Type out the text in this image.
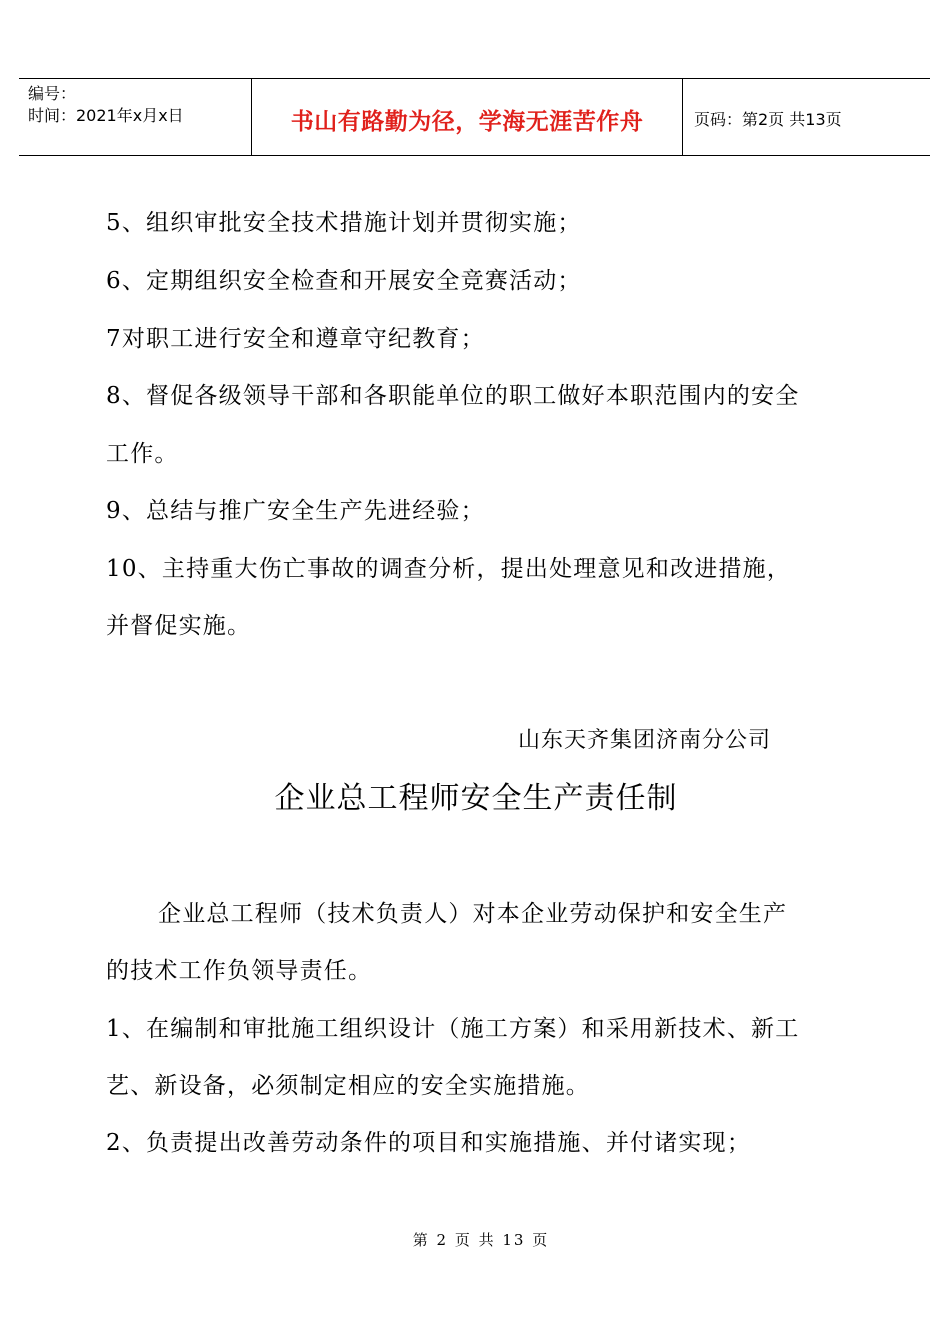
编号：
时间：2021年x月x日	书山有路勤为径，学海无涯苦作舟	页码：第2页 共13页
5、组织审批安全技术措施计划并贯彻实施；
6、定期组织安全检查和开展安全竞赛活动；
7对职工进行安全和遵章守纪教育；
8、督促各级领导干部和各职能单位的职工做好本职范围内的安全
工作。
9、总结与推广安全生产先进经验；
10、主持重大伤亡事故的调查分析，提出处理意见和改进措施，
并督促实施。
山东天齐集团济南分公司
企业总工程师安全生产责任制
企业总工程师（技术负责人）对本企业劳动保护和安全生产
的技术工作负领导责任。
1、在编制和审批施工组织设计（施工方案）和采用新技术、新工
艺、新设备，必须制定相应的安全实施措施。
2、负责提出改善劳动条件的项目和实施措施、并付诸实现；
第 2 页 共 13 页
